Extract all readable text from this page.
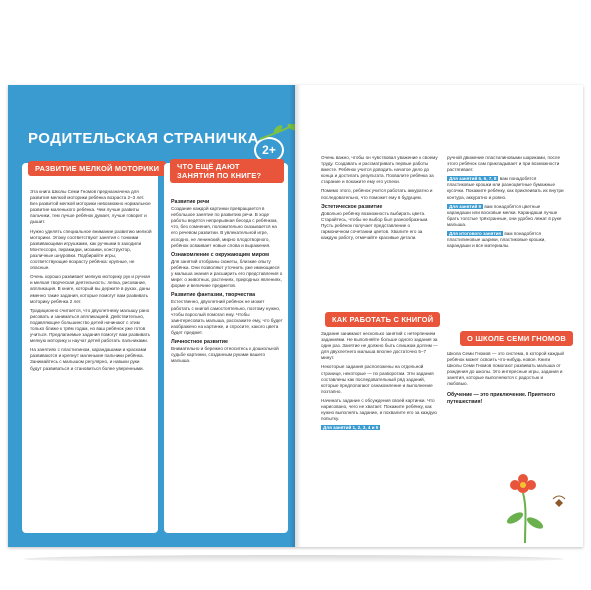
РОДИТЕЛЬСКАЯ СТРАНИЧКА
2+

Эта книга Школы Семи Гномов предназначена для развития мелкой моторики ребёнка возраста 2–3 лет. Без развитой мелкой моторики невозможно нормальное развитие маленького ребёнка. Чем лучше развиты пальчики, тем лучше ребёнок думает, лучше говорит и дышит.

Нужно уделять специальное внимание развитию мелкой моторики. Этому соответствуют занятия с тонкими развивающими игрушками, как ручными в заходили Монтессори, пирамидки, мозаики, конструктор, различные шнуровки. Подбирайте игры, соответствующие возрасту ребёнка: крупные, не опасные.

Очень хорошо развивает мелкую моторику рук и ручная и мелкая творческая деятельность: лепка, рисование, аппликация. В книге, который вы держите в руках, даны именно такие задания, которые помогут вам развивать моторику ребёнка 2 лет.

Традиционно считается, что двухлетнему малышу рано рисовать и заниматься аппликацией. Действительно, подавляющее большинство детей начинают с этим только ближе к трём годам, но ваш ребёнок уже готов учиться. Предлагаемые задания помогут вам развивать мелкую моторику и научат детей работать пальчиками.

На занятиях с пластилином, карандашами и красками развиваются и крепнут маленькие пальчики ребёнка. Занимайтесь с малышом регулярно, и навыки руки будут развиваться и становиться более уверенными.

РАЗВИТИЕ МЕЛКОЙ МОТОРИКИ
Развитие речи

Создание каждой картинки превращается в небольшое занятие по развитию речи. В ходе работы ведётся непрерывная беседа с ребёнком, что, без сомнения, положительно сказывается на его речевом развитии. В увлекательной игре, исходно, не ленинский, мирно плодотворного, ребёнок осваивает новые слова и выражения.

Ознакомление с окружающим миром

Для занятий отобраны сюжеты, близкие опыту ребёнка. Они позволяют уточнить уже имеющиеся у малыша знания и расширить его представления о мире: о животных, растениях, природных явлениях, форме и величине предметов.

Развитие фантазии, творчества

Естественно, двухлетний ребёнок не может работать с книгой самостоятельно, поэтому нужно, чтобы взрослый помогал ему. Чтобы заинтересовать малыша, расскажите ему, что будет изображено на картинке, и спросите, какого цвета будет предмет.

Личностное развитие

Внимательно и бережно относитесь к дошкольной судьбе картинки, созданным руками вашего малыша.

ЧТО ЕЩЁ ДАЮТ ЗАНЯТИЯ ПО КНИГЕ?

Очень важно, чтобы он чувствовал уважение к своему труду. Создавать и рассматривать первые работы вместе. Ребёнок учится доводить начатое дело до конца и достигать результата. Похвалите ребёнка за старание и покажите ему его успехи.

Помимо этого, ребёнок учится работать аккуратно и последовательно, что поможет ему в будущем.

Эстетическое развитие

Довольно ребёнку возможность выбирать цвета. Старайтесь, чтобы не выбор был разнообразным. Пусть ребёнок получает представление о гармоничном сочетании цветов. Хвалите его за каждую работу, отмечайте красивые детали.

КАК РАБОТАТЬ С КНИГОЙ

Задание занимают несколько занятий с нетерпением заданиями. Не выполняйте больше одного задания за один раз. Занятие не должно быть слишком долгим — для двухлетнего малыша вполне достаточно 5–7 минут.

Некоторые задания расположены на отдельной странице, некоторые — по разворотам. Эти задания составлены как последовательный ряд заданий, которые предполагают ознакомление и выполнение поэтапно.

Начинать задание с обсуждения своей картинки. Что нарисовано, чего не хватает. Покажите ребёнку, как нужно выполнять задание, и похвалите его за каждую попытку.

Для занятий 1, 2, 3, 4 и 5

ручной движение пластилиновыми шариками, после этого ребёнок сам прикладывает и при возможности растягивает.

Для занятий 5, 6, 7, 8 вам понадобятся пластиковые крошки или разноцветные бумажные кусочки. Покажите ребёнку, как приклеивать их внутри контура, аккуратно и ровно.

Для занятий 9 вам понадобятся цветные карандаши или восковые мелки. Карандаши лучше брать толстые трёхгранные, они удобно лежат в руке малыша.

Для итогового занятия вам понадобятся пластилиновые шарики, пластиковые крошки, карандаши и все материалы.

О ШКОЛЕ СЕМИ ГНОМОВ

Школа Семи Гномов — это система, в которой каждый ребёнок может освоить что-нибудь новое. Книги Школы Семи Гномов помогают развивать малыша от рождения до школы. Это интересные игры, задания и занятия, которые выполняются с радостью и любовью.

Обучение — это приключение. Приятного путешествия!
